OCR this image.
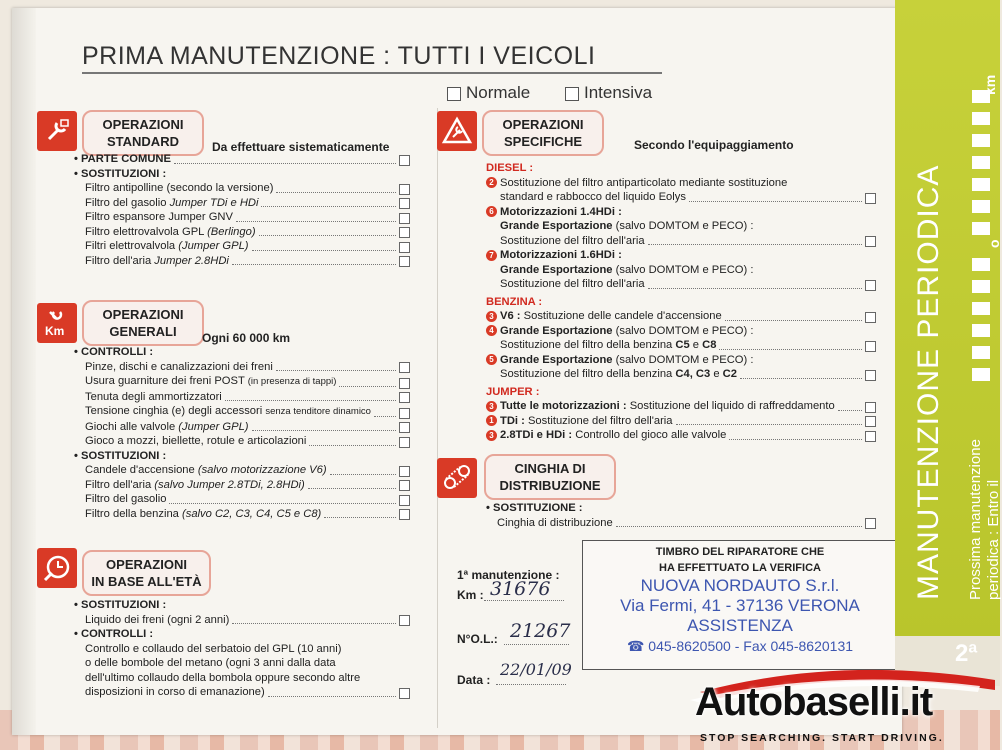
PRIMA MANUTENZIONE : TUTTI I VEICOLI
Normale	Intensiva
OPERAZIONI
STANDARD	Da effettuare sistematicamente
• PARTE COMUNE
• SOSTITUZIONI :
Filtro antipolline (secondo la versione)
Filtro del gasolio Jumper TDi e HDi
Filtro espansore Jumper GNV
Filtro elettrovalvola GPL (Berlingo)
Filtri elettrovalvola (Jumper GPL)
Filtro dell'aria Jumper 2.8HDi
Km
OPERAZIONI
GENERALI	Ogni 60 000 km
• CONTROLLI :
Pinze, dischi e canalizzazioni dei freni
Usura guarniture dei freni POST (in presenza di tappi)
Tenuta degli ammortizzatori
Tensione cinghia (e) degli accessori senza tenditore dinamico
Giochi alle valvole (Jumper GPL)
Gioco a mozzi, biellette, rotule e articolazioni
• SOSTITUZIONI :
Candele d'accensione (salvo motorizzazione V6)
Filtro dell'aria (salvo Jumper 2.8TDi, 2.8HDi)
Filtro del gasolio
Filtro della benzina (salvo C2, C3, C4, C5 e C8)
OPERAZIONI
IN BASE ALL'ETÀ
• SOSTITUZIONI :
Liquido dei freni (ogni 2 anni)
• CONTROLLI :
Controllo e collaudo del serbatoio del GPL (10 anni)
o delle bombole del metano (ogni 3 anni dalla data
dell'ultimo collaudo della bombola oppure secondo altre
disposizioni in corso di emanazione)
OPERAZIONI
SPECIFICHE	Secondo l'equipaggiamento
DIESEL :
2 Sostituzione del filtro antiparticolato mediante sostituzione
standard e rabbocco del liquido Eolys
6 Motorizzazioni 1.4HDi :
Grande Esportazione (salvo DOMTOM e PECO) :
Sostituzione del filtro dell'aria
7 Motorizzazioni 1.6HDi :
Grande Esportazione (salvo DOMTOM e PECO) :
Sostituzione del filtro dell'aria
BENZINA :
3 V6 : Sostituzione delle candele d'accensione
4 Grande Esportazione (salvo DOMTOM e PECO) :
Sostituzione del filtro della benzina C5 e C8
5 Grande Esportazione (salvo DOMTOM e PECO) :
Sostituzione del filtro della benzina C4, C3 e C2
JUMPER :
3 Tutte le motorizzazioni : Sostituzione del liquido di raffreddamento
1 TDi : Sostituzione del filtro dell'aria
3 2.8TDi e HDi : Controllo del gioco alle valvole
CINGHIA DI
DISTRIBUZIONE
• SOSTITUZIONE :
Cinghia di distribuzione
1ª manutenzione :
Km : 31676
N°O.L.: 21267
Data :
22/01/09
TIMBRO DEL RIPARATORE CHE
HA EFFETTUATO LA VERIFICA
NUOVA NORDAUTO S.r.l.
Via Fermi, 41 - 37136 VERONA
ASSISTENZA
☎ 045-8620500 - Fax 045-8620131
km
o
MANUTENZIONE PERIODICA Prossima manutenzione periodica : Entro il
2ª
Autobaselli.it
STOP SEARCHING. START DRIVING.
